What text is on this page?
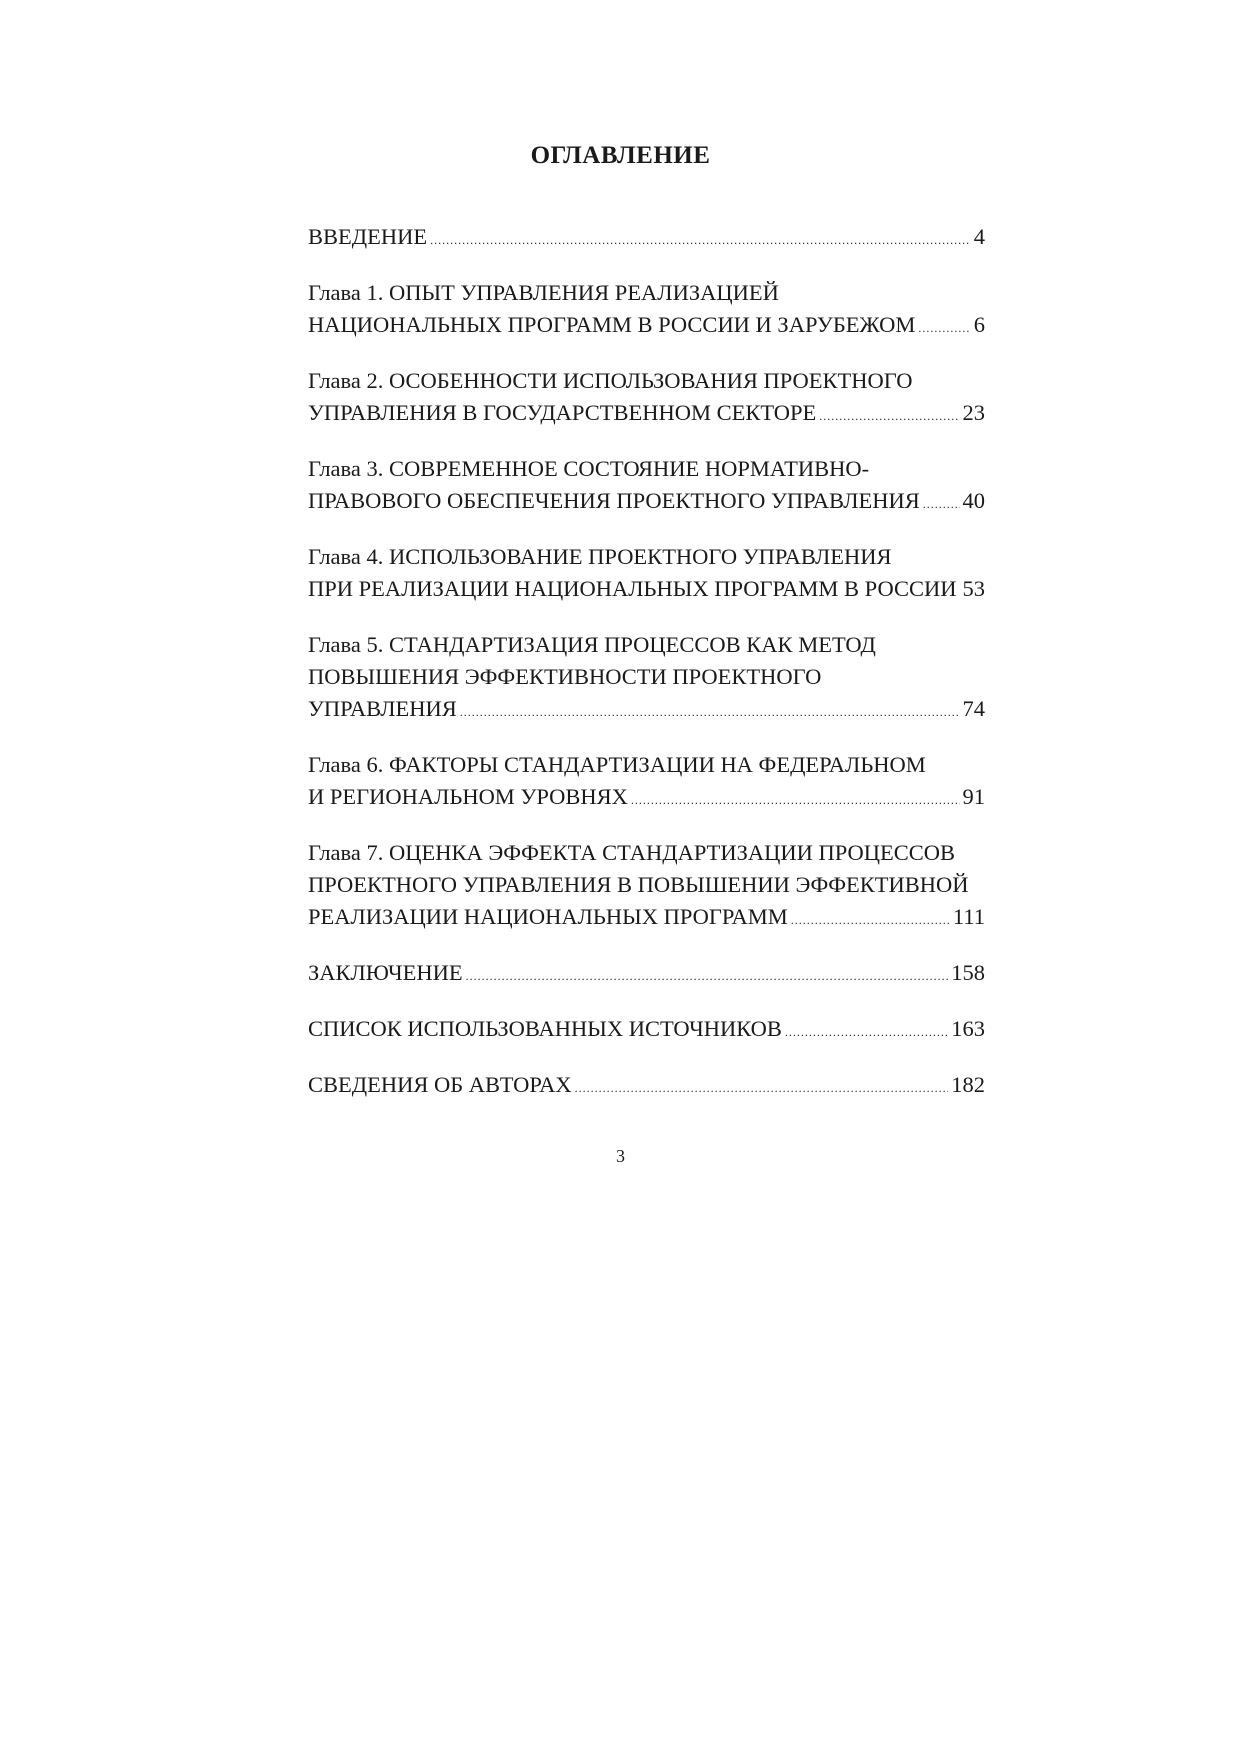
ОГЛАВЛЕНИЕ
ВВЕДЕНИЕ .....	4
Глава 1. ОПЫТ УПРАВЛЕНИЯ РЕАЛИЗАЦИЕЙ
НАЦИОНАЛЬНЫХ ПРОГРАММ В РОССИИ И ЗАРУБЕЖОМ .....	6
Глава 2. ОСОБЕННОСТИ ИСПОЛЬЗОВАНИЯ ПРОЕКТНОГО
УПРАВЛЕНИЯ В ГОСУДАРСТВЕННОМ СЕКТОРЕ .....	23
Глава 3. СОВРЕМЕННОЕ СОСТОЯНИЕ НОРМАТИВНО-
ПРАВОВОГО ОБЕСПЕЧЕНИЯ ПРОЕКТНОГО УПРАВЛЕНИЯ ..... 40
Глава 4. ИСПОЛЬЗОВАНИЕ ПРОЕКТНОГО УПРАВЛЕНИЯ
ПРИ РЕАЛИЗАЦИИ НАЦИОНАЛЬНЫХ ПРОГРАММ В РОССИИ ..... 53
Глава 5. СТАНДАРТИЗАЦИЯ ПРОЦЕССОВ КАК МЕТОД
ПОВЫШЕНИЯ ЭФФЕКТИВНОСТИ ПРОЕКТНОГО
УПРАВЛЕНИЯ .....	74
Глава 6. ФАКТОРЫ СТАНДАРТИЗАЦИИ НА ФЕДЕРАЛЬНОМ
И РЕГИОНАЛЬНОМ УРОВНЯХ .....	91
Глава 7. ОЦЕНКА ЭФФЕКТА СТАНДАРТИЗАЦИИ ПРОЦЕССОВ
ПРОЕКТНОГО УПРАВЛЕНИЯ В ПОВЫШЕНИИ ЭФФЕКТИВНОЙ
РЕАЛИЗАЦИИ НАЦИОНАЛЬНЫХ ПРОГРАММ .....	111
ЗАКЛЮЧЕНИЕ .....	158
СПИСОК ИСПОЛЬЗОВАННЫХ ИСТОЧНИКОВ .....	163
СВЕДЕНИЯ ОБ АВТОРАХ .....	182

3
